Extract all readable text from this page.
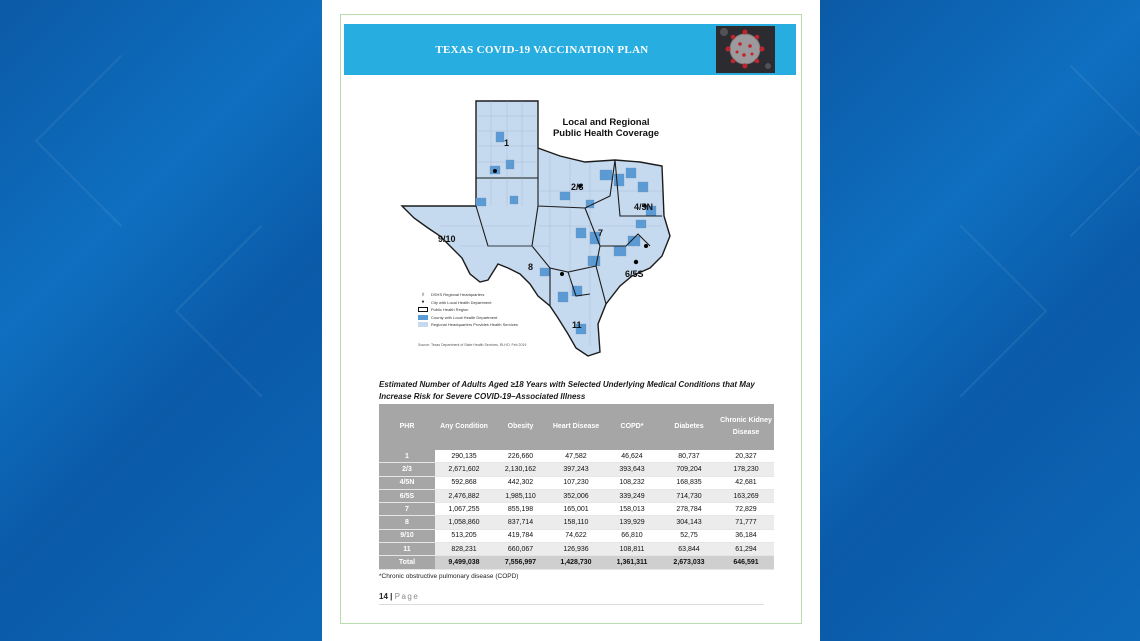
TEXAS COVID-19 VACCINATION PLAN
1
2/3
4/5N
7
9/10
8
6/5S
11
Local and Regional
Public Health Coverage
◊	DSHS Regional Headquarters
●	City with Local Health Department
Public Health Region
County with Local Health Department
Regional Headquarters Provides Health Services
Source: Texas Department of State Health Services, RLHO, Feb 2019
Estimated Number of Adults Aged ≥18 Years with Selected Underlying Medical Conditions that May Increase Risk for Severe COVID-19–Associated Illness
PHR	Any Condition	Obesity	Heart Disease	COPD*	Diabetes	Chronic Kidney Disease
1	290,135	226,660	47,582	46,624	80,737	20,327
2/3	2,671,602	2,130,162	397,243	393,643	709,204	178,230
4/5N	592,868	442,302	107,230	108,232	168,835	42,681
6/5S	2,476,882	1,985,110	352,006	339,249	714,730	163,269
7	1,067,255	855,198	165,001	158,013	278,784	72,829
8	1,058,860	837,714	158,110	139,929	304,143	71,777
9/10	513,205	419,784	74,622	66,810	52,75	36,184
11	828,231	660,067	126,936	108,811	63,844	61,294
Total	9,499,038	7,556,997	1,428,730	1,361,311	2,673,033	646,591
*Chronic obstructive pulmonary disease (COPD)
14 | Page
